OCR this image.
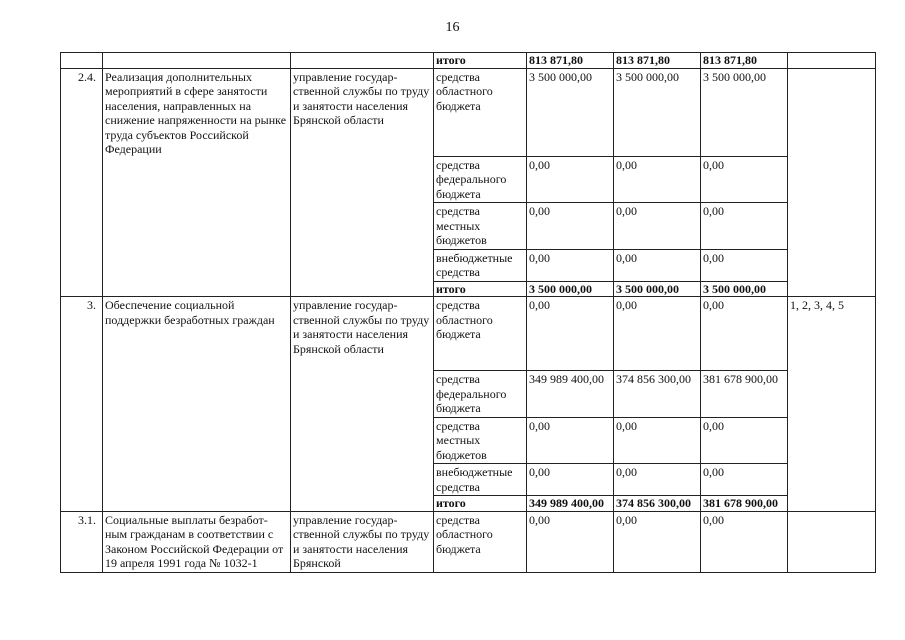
16
			итого	813 871,80	813 871,80	813 871,80	
2.4.	Реализация дополнительных мероприятий в сфере занятости населения, направленных на снижение напряженности на рынке труда субъектов Российской Федерации	управление государ-ственной службы по труду и занятости населения Брянской области	средства областного бюджета	3 500 000,00	3 500 000,00	3 500 000,00	
			средства федерального бюджета	0,00	0,00	0,00	
			средства местных бюджетов	0,00	0,00	0,00	
			внебюджетные средства	0,00	0,00	0,00	
			итого	3 500 000,00	3 500 000,00	3 500 000,00	
3.	Обеспечение социальной поддержки безработных граждан	управление государ-ственной службы по труду и занятости населения Брянской области	средства областного бюджета	0,00	0,00	0,00	1, 2, 3, 4, 5
			средства федерального бюджета	349 989 400,00	374 856 300,00	381 678 900,00	
			средства местных бюджетов	0,00	0,00	0,00	
			внебюджетные средства	0,00	0,00	0,00	
			итого	349 989 400,00	374 856 300,00	381 678 900,00	
3.1.	Социальные выплаты безработ-ным гражданам в соответствии с Законом Российской Федерации от 19 апреля 1991 года № 1032-1	управление государ-ственной службы по труду и занятости населения Брянской	средства областного бюджета	0,00	0,00	0,00	
